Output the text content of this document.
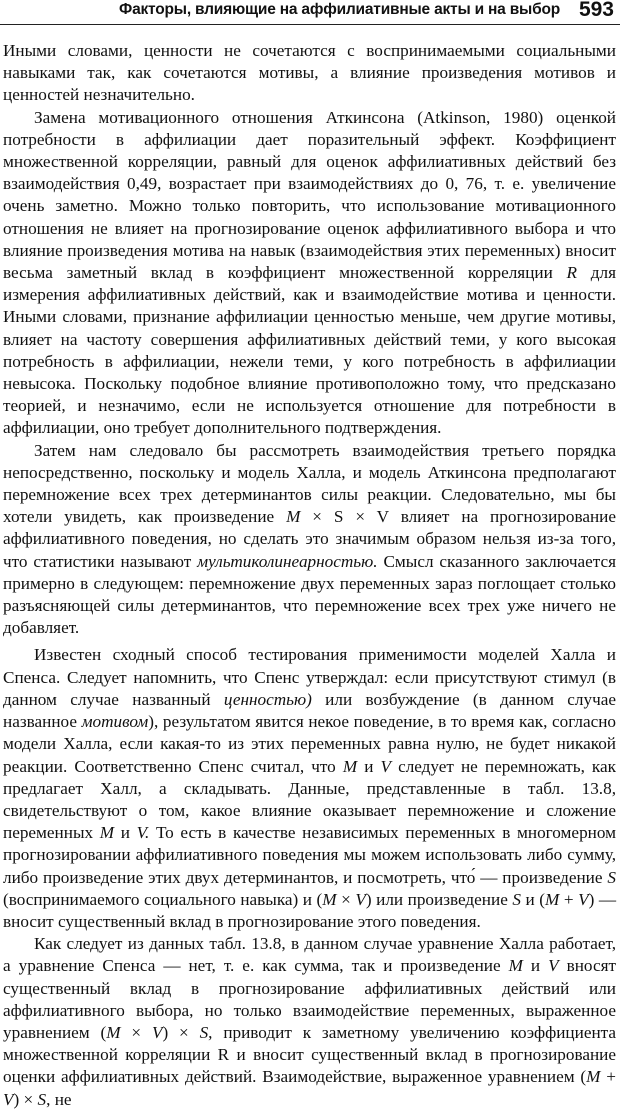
Факторы, влияющие на аффилиативные акты и на выбор 593

Иными словами, ценности не сочетаются с воспринимаемыми социальными навыками так, как сочетаются мотивы, а влияние произведения мотивов и ценностей незначительно.

Замена мотивационного отношения Аткинсона (Atkinson, 1980) оценкой потребности в аффилиации дает поразительный эффект. Коэффициент множественной корреляции, равный для оценок аффилиативных действий без взаимодействия 0,49, возрастает при взаимодействиях до 0, 76, т. е. увеличение очень заметно. Можно только повторить, что использование мотивационного отношения не влияет на прогнозирование оценок аффилиативного выбора и что влияние произведения мотива на навык (взаимодействия этих переменных) вносит весьма заметный вклад в коэффициент множественной корреляции R для измерения аффилиативных действий, как и взаимодействие мотива и ценности. Иными словами, признание аффилиации ценностью меньше, чем другие мотивы, влияет на частоту совершения аффилиативных действий теми, у кого высокая потребность в аффилиации, нежели теми, у кого потребность в аффилиации невысока. Поскольку подобное влияние противоположно тому, что предсказано теорией, и незначимо, если не используется отношение для потребности в аффилиации, оно требует дополнительного подтверждения.

Затем нам следовало бы рассмотреть взаимодействия третьего порядка непосредственно, поскольку и модель Халла, и модель Аткинсона предполагают перемножение всех трех детерминантов силы реакции. Следовательно, мы бы хотели увидеть, как произведение M × S × V влияет на прогнозирование аффилиативного поведения, но сделать это значимым образом нельзя из-за того, что статистики называют мультиколинеарностью. Смысл сказанного заключается примерно в следующем: перемножение двух переменных зараз поглощает столько разъясняющей силы детерминантов, что перемножение всех трех уже ничего не добавляет.

Известен сходный способ тестирования применимости моделей Халла и Спенса. Следует напомнить, что Спенс утверждал: если присутствуют стимул (в данном случае названный ценностью) или возбуждение (в данном случае названное мотивом), результатом явится некое поведение, в то время как, согласно модели Халла, если какая-то из этих переменных равна нулю, не будет никакой реакции. Соответственно Спенс считал, что M и V следует не перемножать, как предлагает Халл, а складывать. Данные, представленные в табл. 13.8, свидетельствуют о том, какое влияние оказывает перемножение и сложение переменных M и V. То есть в качестве независимых переменных в многомерном прогнозировании аффилиативного поведения мы можем использовать либо сумму, либо произведение этих двух детерминантов, и посмотреть, что́ — произведение S (воспринимаемого социального навыка) и (M × V) или произведение S и (M + V) — вносит существенный вклад в прогнозирование этого поведения.

Как следует из данных табл. 13.8, в данном случае уравнение Халла работает, а уравнение Спенса — нет, т. е. как сумма, так и произведение M и V вносят существенный вклад в прогнозирование аффилиативных действий или аффилиативного выбора, но только взаимодействие переменных, выраженное уравнением (M × V) × S, приводит к заметному увеличению коэффициента множественной корреляции R и вносит существенный вклад в прогнозирование оценки аффилиативных действий. Взаимодействие, выраженное уравнением (M + V) × S, не
